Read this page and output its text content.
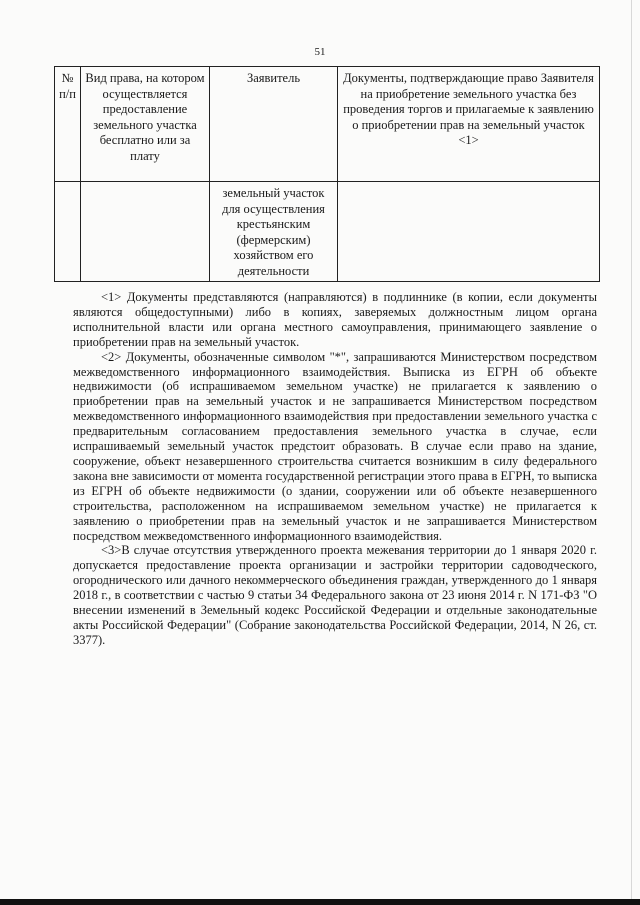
51
№ п/п	Вид права, на котором осуществляется предоставление земельного участка бесплатно или за плату	Заявитель	Документы, подтверждающие право Заявителя на приобретение земельного участка без проведения торгов и прилагаемые к заявлению о приобретении прав на земельный участок <1>
		земельный участок для осуществления крестьянским (фермерским) хозяйством его деятельности	

<1> Документы представляются (направляются) в подлиннике (в копии, если документы являются общедоступными) либо в копиях, заверяемых должностным лицом органа исполнительной власти или органа местного самоуправления, принимающего заявление о приобретении прав на земельный участок.

<2> Документы, обозначенные символом "*", запрашиваются Министерством посредством межведомственного информационного взаимодействия. Выписка из ЕГРН об объекте недвижимости (об испрашиваемом земельном участке) не прилагается к заявлению о приобретении прав на земельный участок и не запрашивается Министерством посредством межведомственного информационного взаимодействия при предоставлении земельного участка с предварительным согласованием предоставления земельного участка в случае, если испрашиваемый земельный участок предстоит образовать. В случае если право на здание, сооружение, объект незавершенного строительства считается возникшим в силу федерального закона вне зависимости от момента государственной регистрации этого права в ЕГРН, то выписка из ЕГРН об объекте недвижимости (о здании, сооружении или об объекте незавершенного строительства, расположенном на испрашиваемом земельном участке) не прилагается к заявлению о приобретении прав на земельный участок и не запрашивается Министерством посредством межведомственного информационного взаимодействия.

<3>В случае отсутствия утвержденного проекта межевания территории до 1 января 2020 г. допускается предоставление проекта организации и застройки территории садоводческого, огороднического или дачного некоммерческого объединения граждан, утвержденного до 1 января 2018 г., в соответствии с частью 9 статьи 34 Федерального закона от 23 июня 2014 г. N 171-ФЗ "О внесении изменений в Земельный кодекс Российской Федерации и отдельные законодательные акты Российской Федерации" (Собрание законодательства Российской Федерации, 2014, N 26, ст. 3377).
